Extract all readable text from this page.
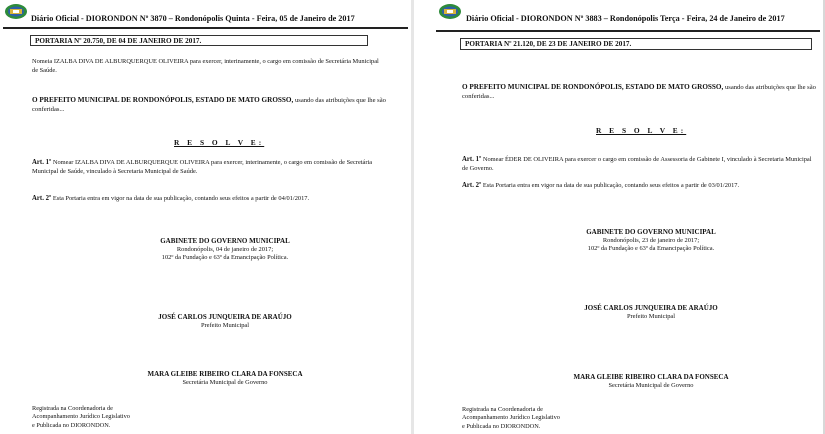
Diário Oficial - DIORONDON Nº 3870 – Rondonópolis Quinta - Feira, 05 de Janeiro de 2017
PORTARIA Nº 20.750, DE 04 DE JANEIRO DE 2017.
Nomeia IZALBA DIVA DE ALBURQUERQUE OLIVEIRA para exercer, interinamente, o cargo em comissão de Secretária Municipal de Saúde.
O PREFEITO MUNICIPAL DE RONDONÓPOLIS, ESTADO DE MATO GROSSO, usando das atribuições que lhe são conferidas...
R E S O L V E:
Art. 1º Nomear IZALBA DIVA DE ALBURQUERQUE OLIVEIRA para exercer, interinamente, o cargo em comissão de Secretária Municipal de Saúde, vinculado à Secretaria Municipal de Saúde.
Art. 2º Esta Portaria entra em vigor na data de sua publicação, contando seus efeitos a partir de 04/01/2017.
GABINETE DO GOVERNO MUNICIPAL
Rondonópolis, 04 de janeiro de 2017;
102º da Fundação e 63º da Emancipação Política.
JOSÉ CARLOS JUNQUEIRA DE ARAÚJO
Prefeito Municipal
MARA GLEIBE RIBEIRO CLARA DA FONSECA
Secretária Municipal de Governo
Registrada na Coordenadoria de
Acompanhamento Jurídico Legislativo
e Publicada no DIORONDON.
Diário Oficial - DIORONDON Nº 3883 – Rondonópolis Terça - Feira, 24 de Janeiro de 2017
PORTARIA Nº 21.120, DE 23 DE JANEIRO DE 2017.
O PREFEITO MUNICIPAL DE RONDONÓPOLIS, ESTADO DE MATO GROSSO, usando das atribuições que lhe são conferidas...
R E S O L V E:
Art. 1º Nomear ÉDER DE OLIVEIRA para exercer o cargo em comissão de Assessoria de Gabinete I, vinculado à Secretaria Municipal de Governo.
Art. 2º Esta Portaria entra em vigor na data de sua publicação, contando seus efeitos a partir de 03/01/2017.
GABINETE DO GOVERNO MUNICIPAL
Rondonópolis, 23 de janeiro de 2017;
102º da Fundação e 63º da Emancipação Política.
JOSÉ CARLOS JUNQUEIRA DE ARAÚJO
Prefeito Municipal
MARA GLEIBE RIBEIRO CLARA DA FONSECA
Secretária Municipal de Governo
Registrada na Coordenadoria de
Acompanhamento Jurídico Legislativo
e Publicada no DIORONDON.
